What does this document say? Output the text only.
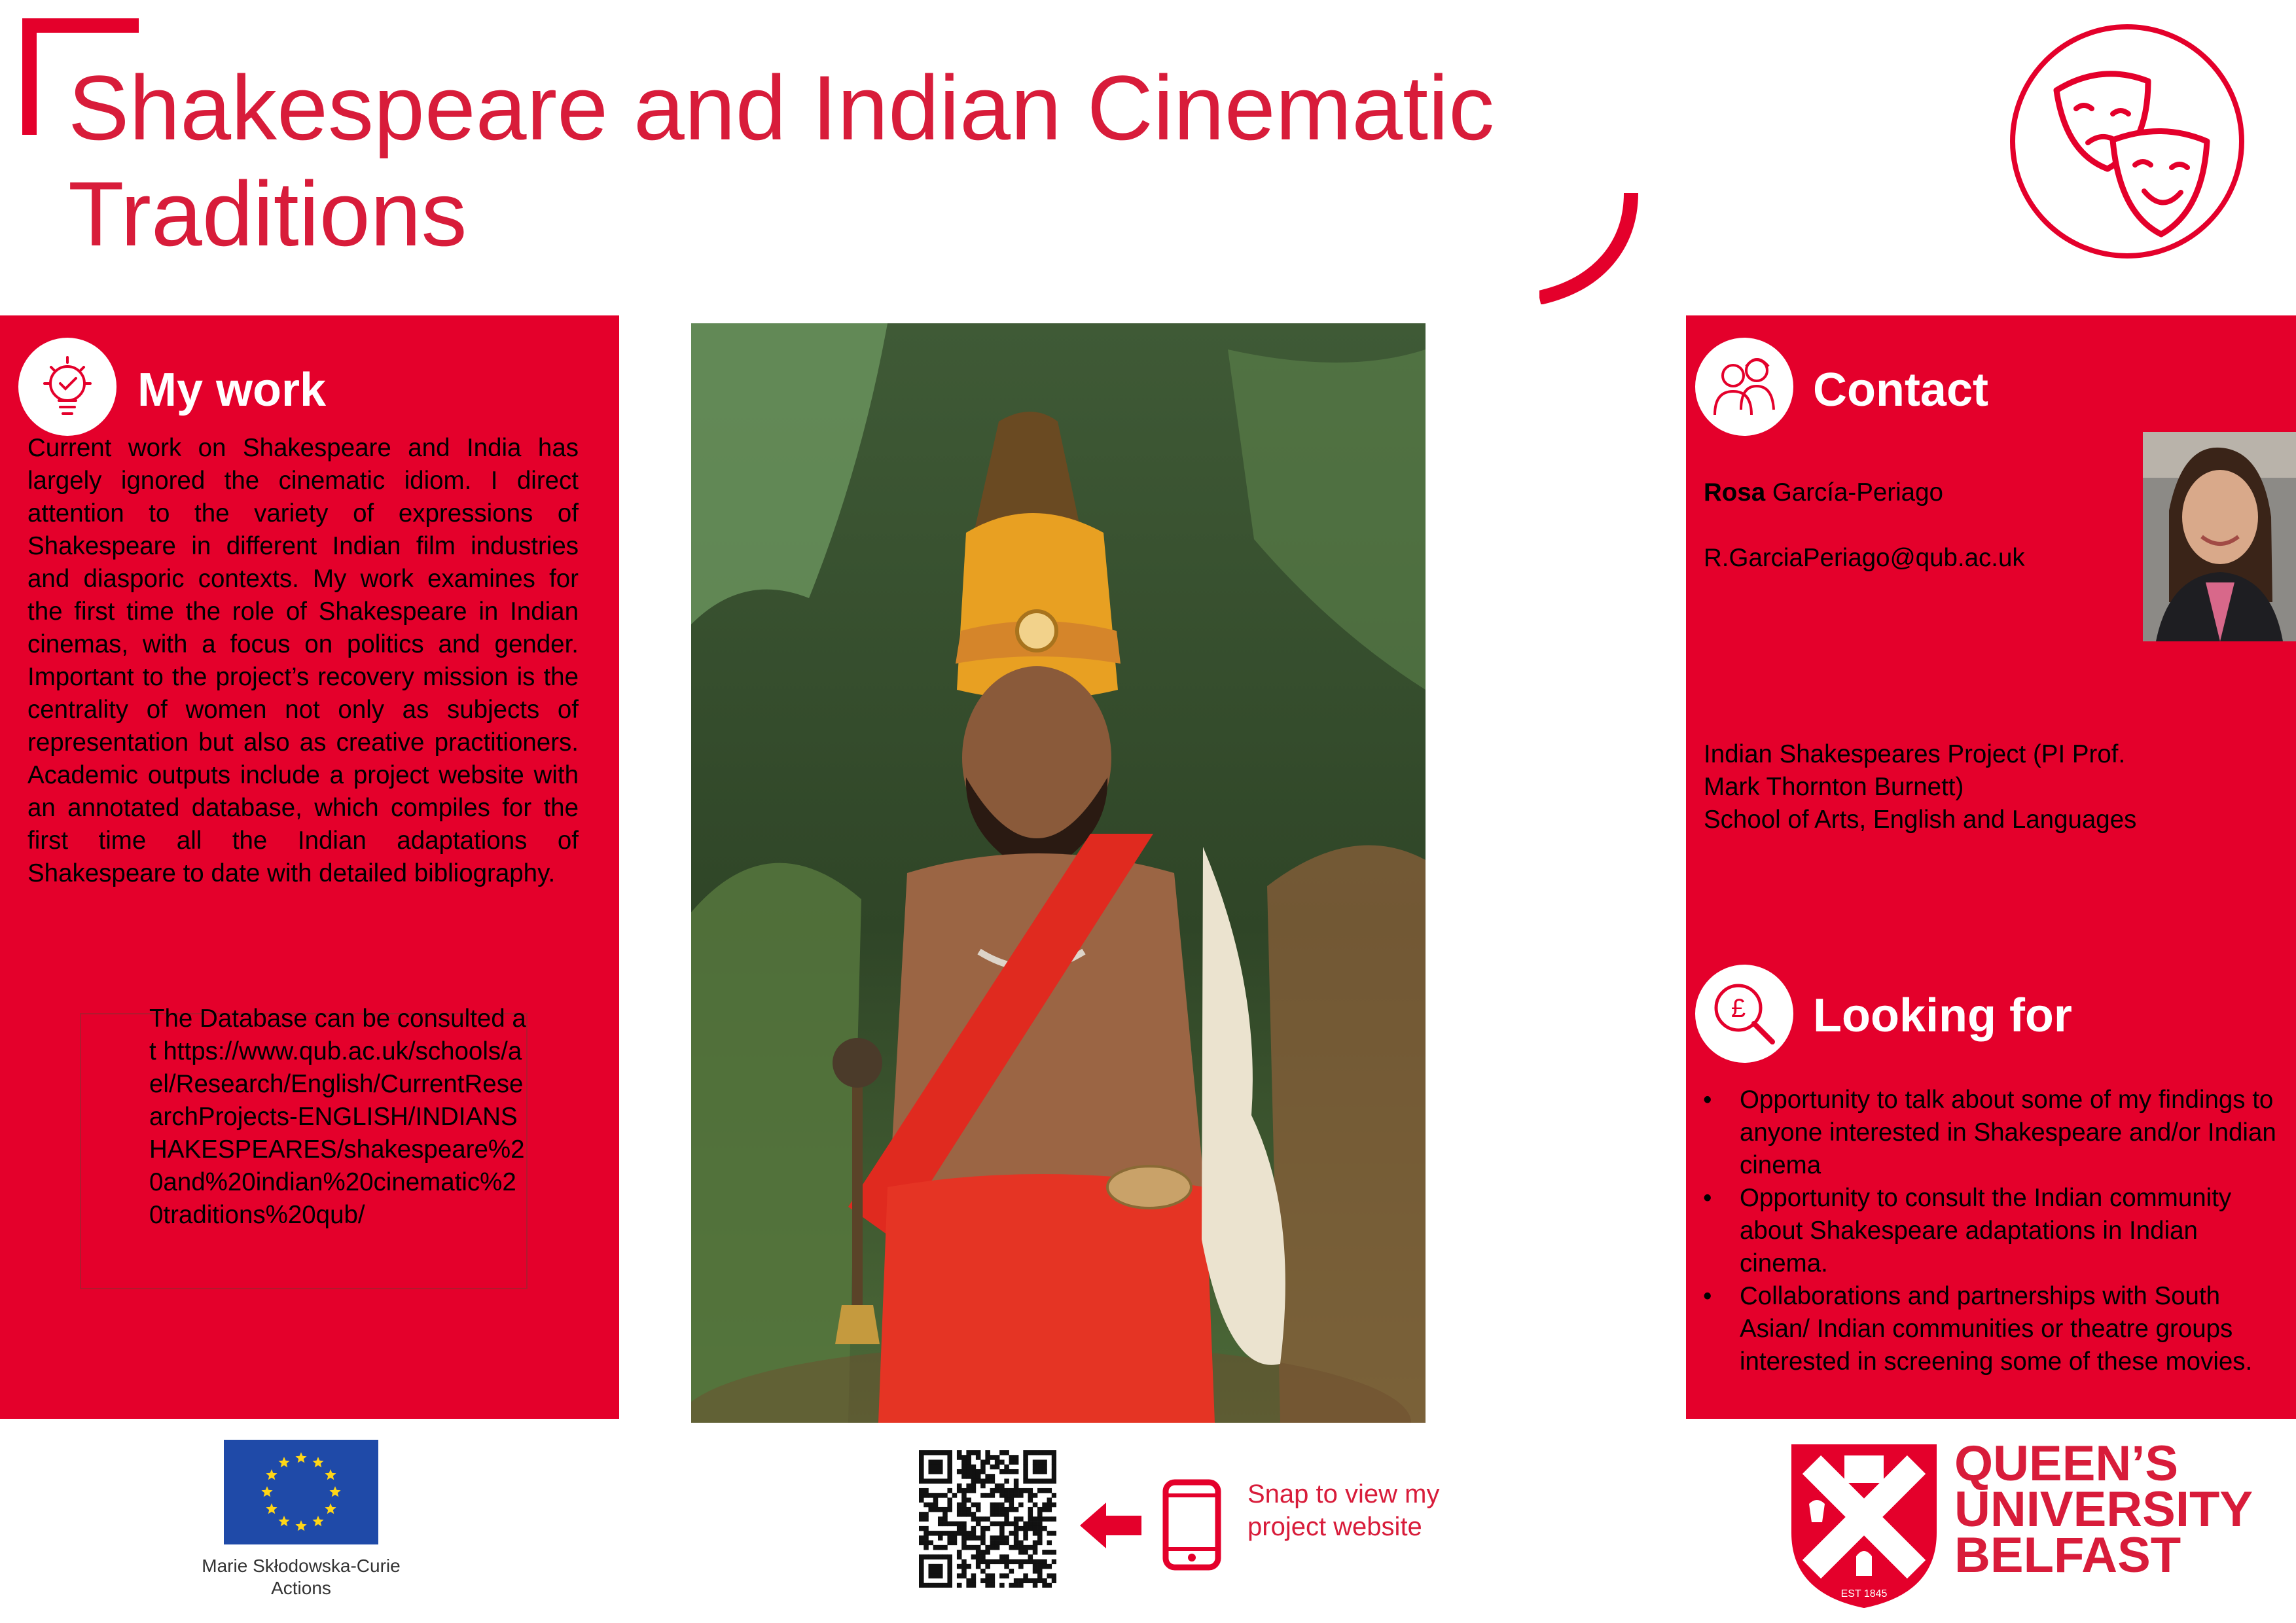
Shakespeare and Indian Cinematic Traditions
My work

Current work on Shakespeare and India has largely ignored the cinematic idiom. I direct attention to the variety of expressions of Shakespeare in different Indian film industries and diasporic contexts. My work examines for the first time the role of Shakespeare in Indian cinemas, with a focus on politics and gender. Important to the project’s recovery mission is the centrality of women not only as subjects of representation but also as creative practitioners. Academic outputs include a project website with an annotated database, which compiles for the first time all the Indian adaptations of Shakespeare to date with detailed bibliography.

The Database can be consulted at https://www.qub.ac.uk/schools/ael/Research/English/CurrentResearchProjects-ENGLISH/INDIANSHAKESPEARES/shakespeare%20and%20indian%20cinematic%20traditions%20qub/

Contact

Rosa García-Periago

R.GarciaPeriago@qub.ac.uk

Indian Shakespeares Project (PI Prof.
Mark Thornton Burnett)
School of Arts, English and Languages

£ Looking for
• Opportunity to talk about some of my findings to anyone interested in Shakespeare and/or Indian cinema
• Opportunity to consult the Indian community about Shakespeare adaptations in Indian cinema.
• Collaborations and partnerships with South Asian/ Indian communities or theatre groups interested in screening some of these movies.

Marie Skłodowska-Curie Actions

Snap to view my project website

EST 1845

QUEEN’S
UNIVERSITY
BELFAST
